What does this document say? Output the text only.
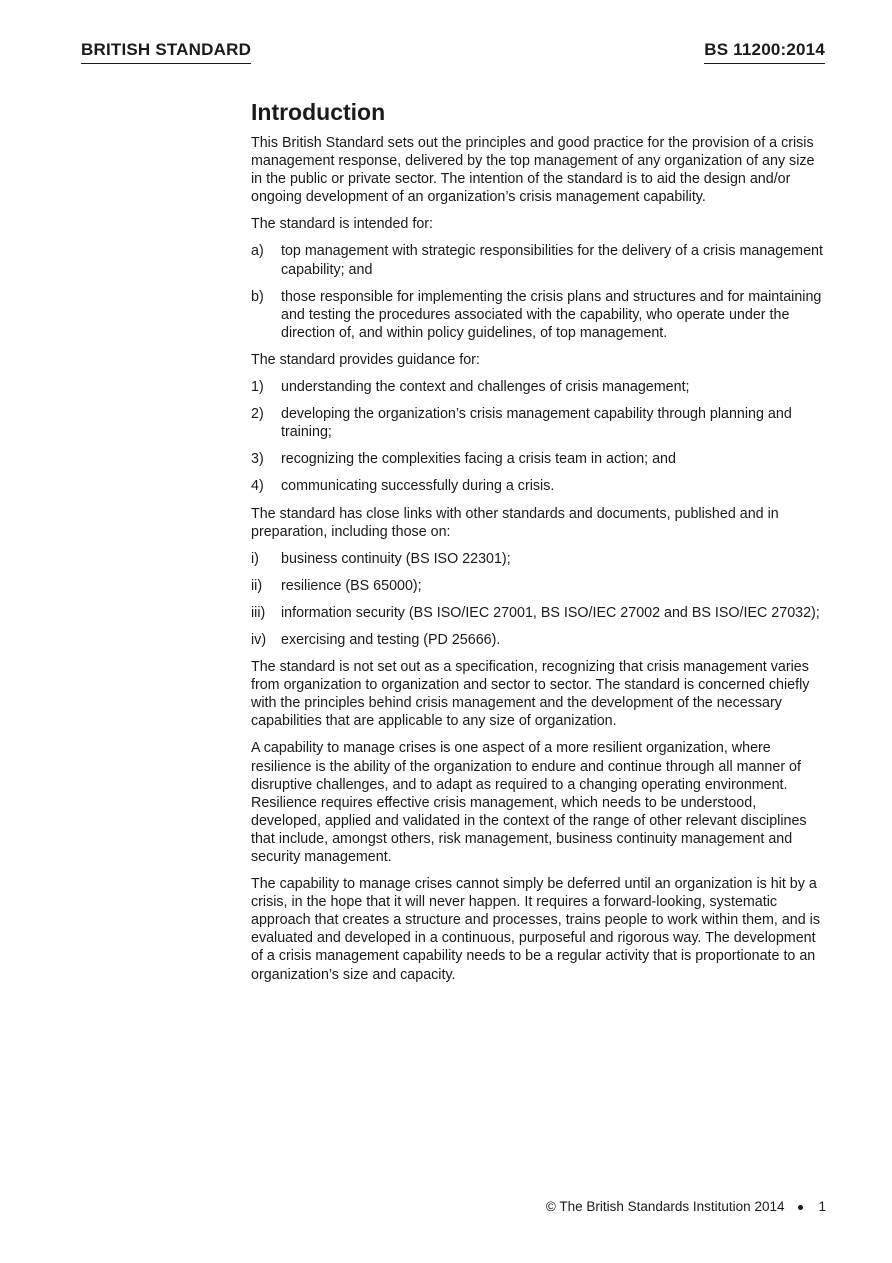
BRITISH STANDARD	BS 11200:2014
Introduction

This British Standard sets out the principles and good practice for the provision of a crisis management response, delivered by the top management of any organization of any size in the public or private sector. The intention of the standard is to aid the design and/or ongoing development of an organization’s crisis management capability.

The standard is intended for:

a)	top management with strategic responsibilities for the delivery of a crisis management capability; and
b)	those responsible for implementing the crisis plans and structures and for maintaining and testing the procedures associated with the capability, who operate under the direction of, and within policy guidelines, of top management.

The standard provides guidance for:

1)	understanding the context and challenges of crisis management;
2)	developing the organization’s crisis management capability through planning and training;
3)	recognizing the complexities facing a crisis team in action; and
4)	communicating successfully during a crisis.

The standard has close links with other standards and documents, published and in preparation, including those on:

i)	business continuity (BS ISO 22301);
ii)	resilience (BS 65000);
iii)	information security (BS ISO/IEC 27001, BS ISO/IEC 27002 and BS ISO/IEC 27032);
iv)	exercising and testing (PD 25666).

The standard is not set out as a specification, recognizing that crisis management varies from organization to organization and sector to sector. The standard is concerned chiefly with the principles behind crisis management and the development of the necessary capabilities that are applicable to any size of organization.

A capability to manage crises is one aspect of a more resilient organization, where resilience is the ability of the organization to endure and continue through all manner of disruptive challenges, and to adapt as required to a changing operating environment. Resilience requires effective crisis management, which needs to be understood, developed, applied and validated in the context of the range of other relevant disciplines that include, amongst others, risk management, business continuity management and security management.

The capability to manage crises cannot simply be deferred until an organization is hit by a crisis, in the hope that it will never happen. It requires a forward-looking, systematic approach that creates a structure and processes, trains people to work within them, and is evaluated and developed in a continuous, purposeful and rigorous way. The development of a crisis management capability needs to be a regular activity that is proportionate to an organization’s size and capacity.

© The British Standards Institution 2014	1
